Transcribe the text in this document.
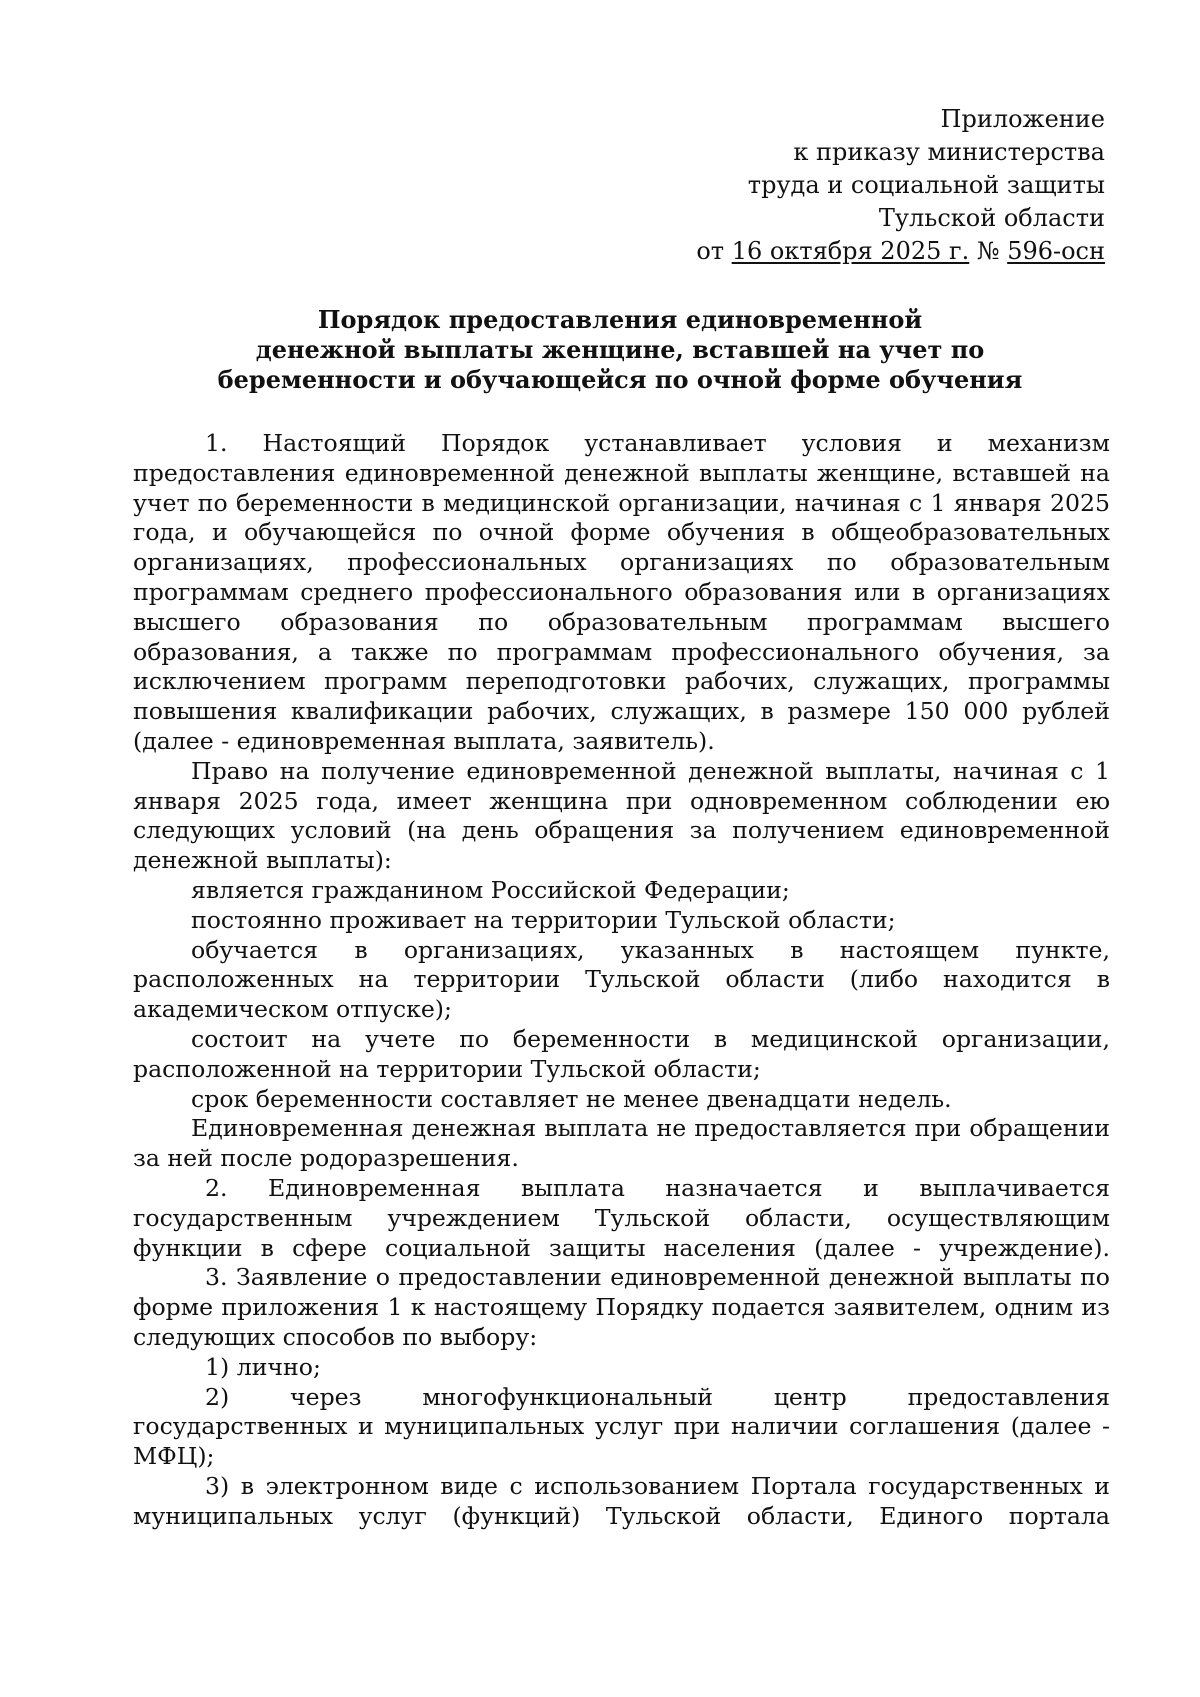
Приложение
к приказу министерства
труда и социальной защиты
Тульской области
от 16 октября 2025 г. № 596-осн
Порядок предоставления единовременной
денежной выплаты женщине, вставшей на учет по
беременности и обучающейся по очной форме обучения

1. Настоящий Порядок устанавливает условия и механизм предоставления единовременной денежной выплаты женщине, вставшей на учет по беременности в медицинской организации, начиная с 1 января 2025 года, и обучающейся по очной форме обучения в общеобразовательных организациях, профессиональных организациях по образовательным программам среднего профессионального образования или в организациях высшего образования по образовательным программам высшего образования, а также по программам профессионального обучения, за исключением программ переподготовки рабочих, служащих, программы повышения квалификации рабочих, служащих, в размере 150 000 рублей (далее - единовременная выплата, заявитель).

Право на получение единовременной денежной выплаты, начиная с 1 января 2025 года, имеет женщина при одновременном соблюдении ею следующих условий (на день обращения за получением единовременной денежной выплаты):

является гражданином Российской Федерации;

постоянно проживает на территории Тульской области;

обучается в организациях, указанных в настоящем пункте, расположенных на территории Тульской области (либо находится в академическом отпуске);

состоит на учете по беременности в медицинской организации, расположенной на территории Тульской области;

срок беременности составляет не менее двенадцати недель.

Единовременная денежная выплата не предоставляется при обращении за ней после родоразрешения.

2. Единовременная выплата назначается и выплачивается государственным учреждением Тульской области, осуществляющим функции в сфере социальной защиты населения (далее - учреждение).

3. Заявление о предоставлении единовременной денежной выплаты по форме приложения 1 к настоящему Порядку подается заявителем, одним из следующих способов по выбору:

1) лично;

2) через многофункциональный центр предоставления государственных и муниципальных услуг при наличии соглашения (далее - МФЦ);

3) в электронном виде с использованием Портала государственных и муниципальных услуг (функций) Тульской области, Единого портала
